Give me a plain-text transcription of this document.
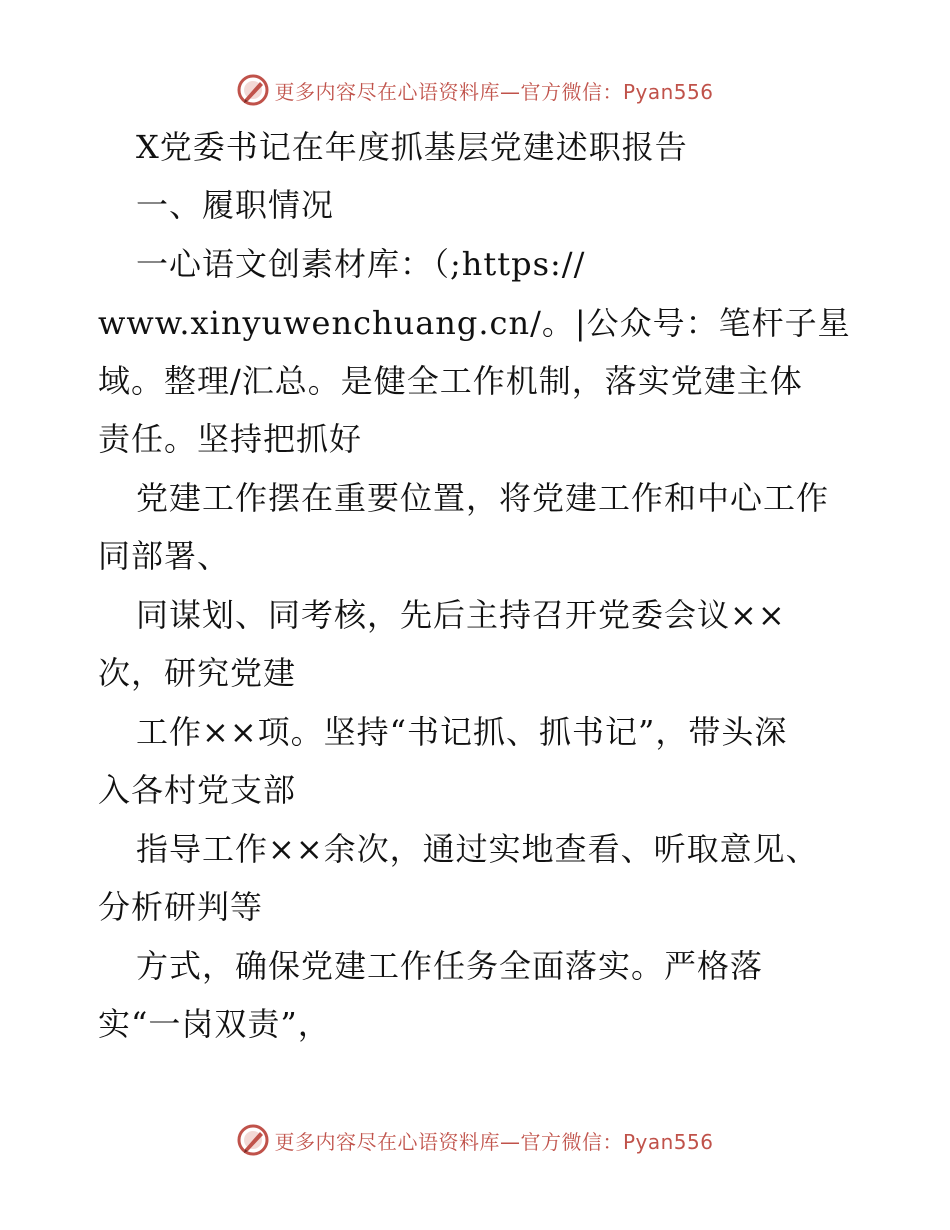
更多内容尽在心语资料库—官方微信：Pyan556
X党委书记在年度抓基层党建述职报告
一、履职情况
一心语文创素材库：（;https://
www.xinyuwenchuang.cn/。|公众号：笔杆子星
域。整理/汇总。是健全工作机制，落实党建主体
责任。坚持把抓好
党建工作摆在重要位置，将党建工作和中心工作
同部署、
同谋划、同考核，先后主持召开党委会议××
次，研究党建
工作××项。坚持“书记抓、抓书记”，带头深
入各村党支部
指导工作××余次，通过实地查看、听取意见、
分析研判等
方式，确保党建工作任务全面落实。严格落
实“一岗双责”，
更多内容尽在心语资料库—官方微信：Pyan556
